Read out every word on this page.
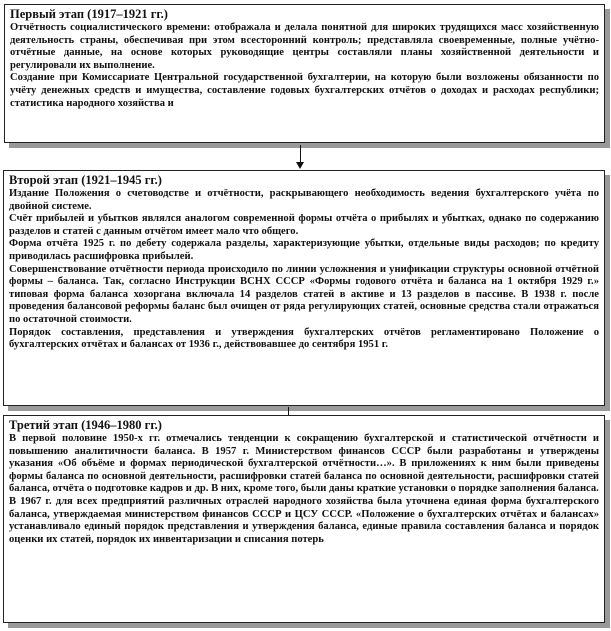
Первый этап (1917–1921 гг.)

Отчётность социалистического времени: отображала и делала понятной для широких трудящихся масс хозяйственную деятельность страны, обеспечивая при этом всесторонний контроль; представляла своевременные, полные учётно-отчётные данные, на основе которых руководящие центры составляли планы хозяйственной деятельности и регулировали их выполнение.

Создание при Комиссариате Центральной государственной бухгалтерии, на которую были возложены обязанности по учёту денежных средств и имущества, составление годовых бухгалтерских отчётов о доходах и расходах республики; статистика народного хозяйства и

Второй этап (1921–1945 гг.)

Издание Положения о счетоводстве и отчётности, раскрывающего необходимость ведения бухгалтерского учёта по двойной системе.

Счёт прибылей и убытков являлся аналогом современной формы отчёта о прибылях и убытках, однако по содержанию разделов и статей с данным отчётом имеет мало что общего.

Форма отчёта 1925 г. по дебету содержала разделы, характеризующие убытки, отдельные виды расходов; по кредиту приводилась расшифровка прибылей.

Совершенствование отчётности периода происходило по линии усложнения и унификации структуры основной отчётной формы – баланса. Так, согласно Инструкции ВСНХ СССР «Формы годового отчёта и баланса на 1 октября 1929 г.» типовая форма баланса хозоргана включала 14 разделов статей в активе и 13 разделов в пассиве. В 1938 г. после проведения балансовой реформы баланс был очищен от ряда регулирующих статей, основные средства стали отражаться по остаточной стоимости.

Порядок составления, представления и утверждения бухгалтерских отчётов регламентировано Положение о бухгалтерских отчётах и балансах от 1936 г., действовавшее до сентября 1951 г.

Третий этап (1946–1980 гг.)

В первой половине 1950-х гг. отмечались тенденции к сокращению бухгалтерской и статистической отчётности и повышению аналитичности баланса. В 1957 г. Министерством финансов СССР были разработаны и утверждены указания «Об объёме и формах периодической бухгалтерской отчётности…». В приложениях к ним были приведены формы баланса по основной деятельности, расшифровки статей баланса по основной деятельности, расшифровки статей баланса, отчёта о подготовке кадров и др. В них, кроме того, были даны краткие установки о порядке заполнения баланса.

В 1967 г. для всех предприятий различных отраслей народного хозяйства была уточнена единая форма бухгалтерского баланса, утверждаемая министерством финансов СССР и ЦСУ СССР. «Положение о бухгалтерских отчётах и балансах» устанавливало единый порядок представления и утверждения баланса, единые правила составления баланса и порядок оценки их статей, порядок их инвентаризации и списания потерь
